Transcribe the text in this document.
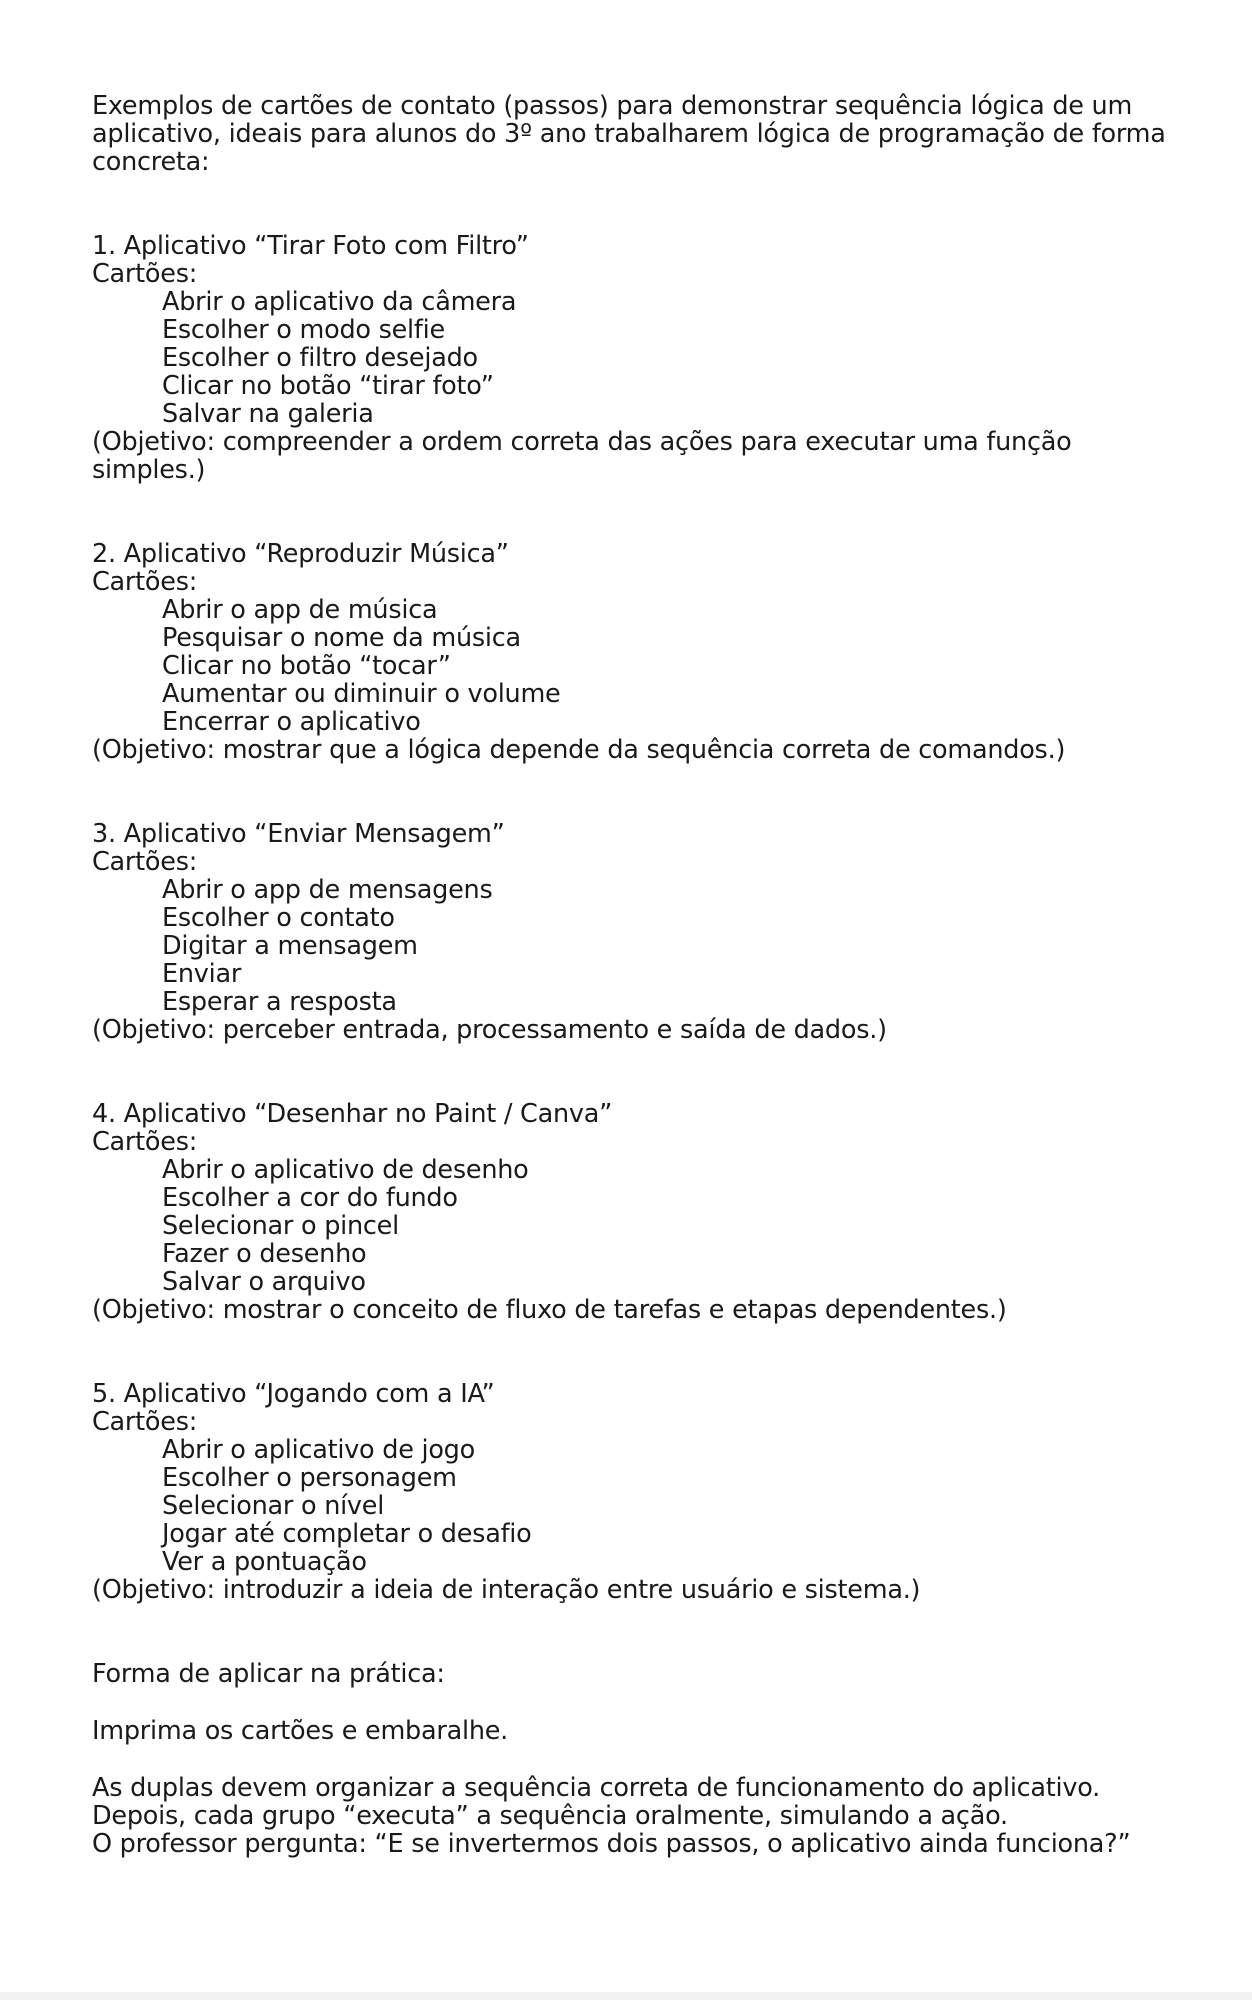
Exemplos de cartões de contato (passos) para demonstrar sequência lógica de um aplicativo, ideais para alunos do 3º ano trabalharem lógica de programação de forma concreta:

1. Aplicativo “Tirar Foto com Filtro”

Cartões:

Abrir o aplicativo da câmera
Escolher o modo selfie
Escolher o filtro desejado
Clicar no botão “tirar foto”
Salvar na galeria

(Objetivo: compreender a ordem correta das ações para executar uma função simples.)

2. Aplicativo “Reproduzir Música”

Cartões:

Abrir o app de música
Pesquisar o nome da música
Clicar no botão “tocar”
Aumentar ou diminuir o volume
Encerrar o aplicativo

(Objetivo: mostrar que a lógica depende da sequência correta de comandos.)

3. Aplicativo “Enviar Mensagem”

Cartões:

Abrir o app de mensagens
Escolher o contato
Digitar a mensagem
Enviar
Esperar a resposta

(Objetivo: perceber entrada, processamento e saída de dados.)

4. Aplicativo “Desenhar no Paint / Canva”

Cartões:

Abrir o aplicativo de desenho
Escolher a cor do fundo
Selecionar o pincel
Fazer o desenho
Salvar o arquivo

(Objetivo: mostrar o conceito de fluxo de tarefas e etapas dependentes.)

5. Aplicativo “Jogando com a IA”

Cartões:

Abrir o aplicativo de jogo
Escolher o personagem
Selecionar o nível
Jogar até completar o desafio
Ver a pontuação

(Objetivo: introduzir a ideia de interação entre usuário e sistema.)

Forma de aplicar na prática:

Imprima os cartões e embaralhe.

As duplas devem organizar a sequência correta de funcionamento do aplicativo.

Depois, cada grupo “executa” a sequência oralmente, simulando a ação.

O professor pergunta: “E se invertermos dois passos, o aplicativo ainda funciona?”
